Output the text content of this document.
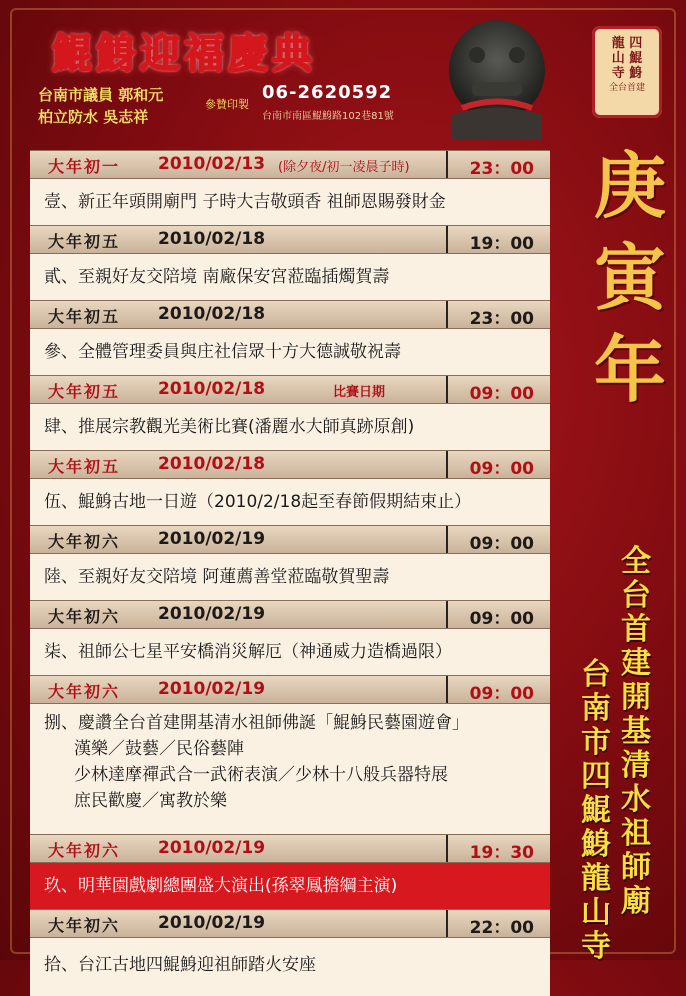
鯤鯓迎福慶典
台南市議員 郭和元
柏立防水 吳志祥
參贊印製
06-2620592
台南市南區鯤鯓路102巷81號
龍 四
山 鯤
寺 鯓
全台首建
庚
寅
年
全
台
首
建
開
基
清
水
祖
師
廟
台
南
市
四
鯤
鯓
龍
山
寺
大年初一 2010/02/13 (除夕夜/初一凌晨子時)	23：00
壹、新正年頭開廟門 子時大吉敬頭香 祖師恩賜發財金
大年初五 2010/02/18	19：00
貳、至親好友交陪境 南廠保安宮蒞臨插燭賀壽
大年初五 2010/02/18	23：00
參、全體管理委員與庄社信眾十方大德誠敬祝壽
大年初五 2010/02/18	比賽日期	09：00
肆、推展宗教觀光美術比賽(潘麗水大師真跡原創)
大年初五 2010/02/18	09：00
伍、鯤鯓古地一日遊（2010/2/18起至春節假期結束止）
大年初六 2010/02/19	09：00
陸、至親好友交陪境 阿蓮薦善堂蒞臨敬賀聖壽
大年初六 2010/02/19	09：00
柒、祖師公七星平安橋消災解厄（神通威力造橋過限）
大年初六 2010/02/19	09：00
捌、慶讚全台首建開基清水祖師佛誕「鯤鯓民藝園遊會」
漢樂／鼓藝／民俗藝陣
少林達摩禪武合一武術表演／少林十八般兵器特展
庶民歡慶／寓教於樂
大年初六 2010/02/19	19：30
玖、明華園戲劇總團盛大演出(孫翠鳳擔綱主演)
大年初六 2010/02/19	22：00
拾、台江古地四鯤鯓迎祖師踏火安座
